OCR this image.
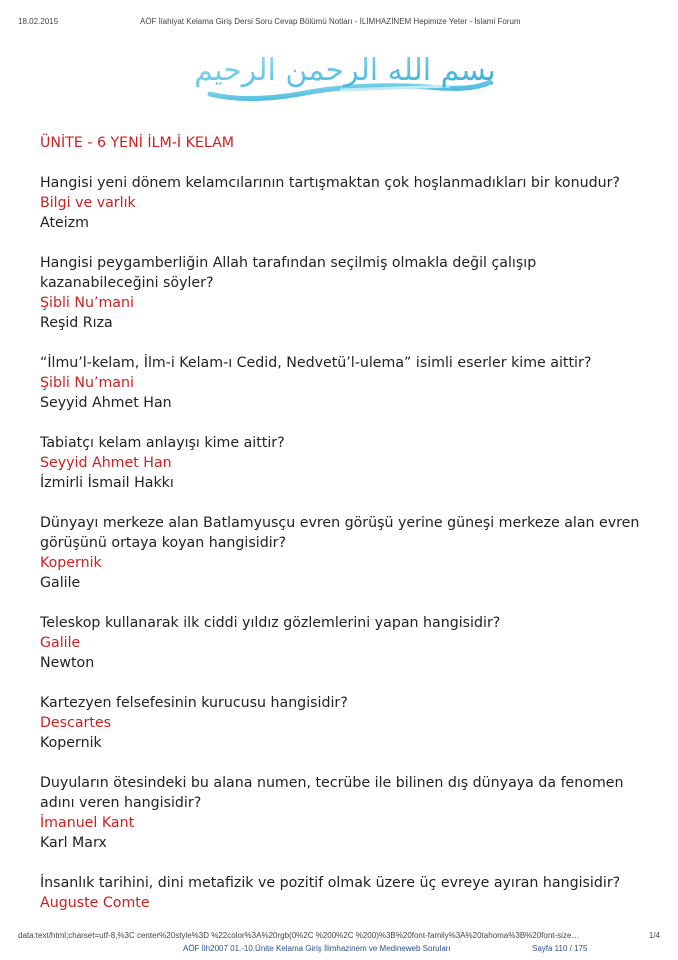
18.02.2015	AÖF İlahiyat Kelama Giriş Dersi Soru Cevap Bölümü Notları - İLİMHAZİNEM Hepimize Yeter - İslami Forum
بسم الله الرحمن الرحيم
ÜNİTE - 6 YENİ İLM-İ KELAM
Hangisi yeni dönem kelamcılarının tartışmaktan çok hoşlanmadıkları bir konudur?
Bilgi ve varlık
Ateizm
Hangisi peygamberliğin Allah tarafından seçilmiş olmakla değil çalışıp kazanabileceğini söyler?
Şibli Nu’mani
Reşid Rıza
“İlmu’l-kelam, İlm-i Kelam-ı Cedid, Nedvetü’l-ulema” isimli eserler kime aittir?
Şibli Nu’mani
Seyyid Ahmet Han
Tabiatçı kelam anlayışı kime aittir?
Seyyid Ahmet Han
İzmirli İsmail Hakkı
Dünyayı merkeze alan Batlamyusçu evren görüşü yerine güneşi merkeze alan evren görüşünü ortaya koyan hangisidir?
Kopernik
Galile
Teleskop kullanarak ilk ciddi yıldız gözlemlerini yapan hangisidir?
Galile
Newton
Kartezyen felsefesinin kurucusu hangisidir?
Descartes
Kopernik
Duyuların ötesindeki bu alana numen, tecrübe ile bilinen dış dünyaya da fenomen adını veren hangisidir?
İmanuel Kant
Karl Marx
İnsanlık tarihini, dini metafizik ve pozitif olmak üzere üç evreye ayıran hangisidir?
Auguste Comte
data:text/html;charset=utf-8,%3C center%20style%3D %22color%3A%20rgb(0%2C %200%2C %200)%3B%20font-family%3A%20tahoma%3B%20font-size…	1/4
AÖF İlh2007 01.-10.Ünite Kelama Giriş İlimhazinem ve Medineweb Soruları	Sayfa 110 / 175
